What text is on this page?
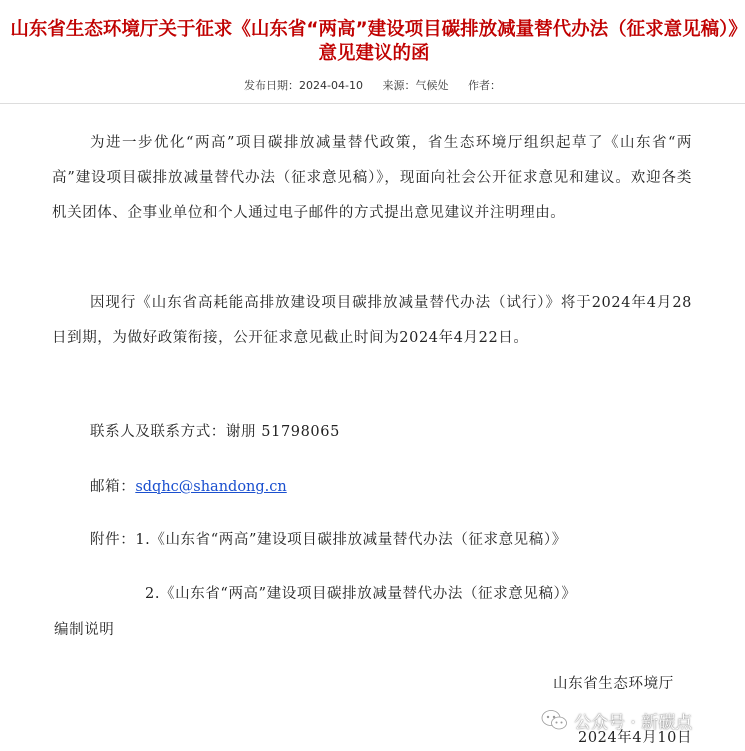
山东省生态环境厅关于征求《山东省“两高”建设项目碳排放减量替代办法（征求意见稿）》意见建议的函
发布日期：2024-04-10 来源：气候处 作者：
为进一步优化“两高”项目碳排放减量替代政策，省生态环境厅组织起草了《山东省“两高”建设项目碳排放减量替代办法（征求意见稿）》，现面向社会公开征求意见和建议。欢迎各类机关团体、企事业单位和个人通过电子邮件的方式提出意见建议并注明理由。
因现行《山东省高耗能高排放建设项目碳排放减量替代办法（试行）》将于2024年4月28日到期，为做好政策衔接，公开征求意见截止时间为2024年4月22日。
联系人及联系方式：谢朋 51798065
邮箱：sdqhc@shandong.cn
附件：1.《山东省“两高”建设项目碳排放减量替代办法（征求意见稿）》
2.《山东省“两高”建设项目碳排放减量替代办法（征求意见稿）》
编制说明
山东省生态环境厅
公众号 · 新碳点
2024年4月10日
